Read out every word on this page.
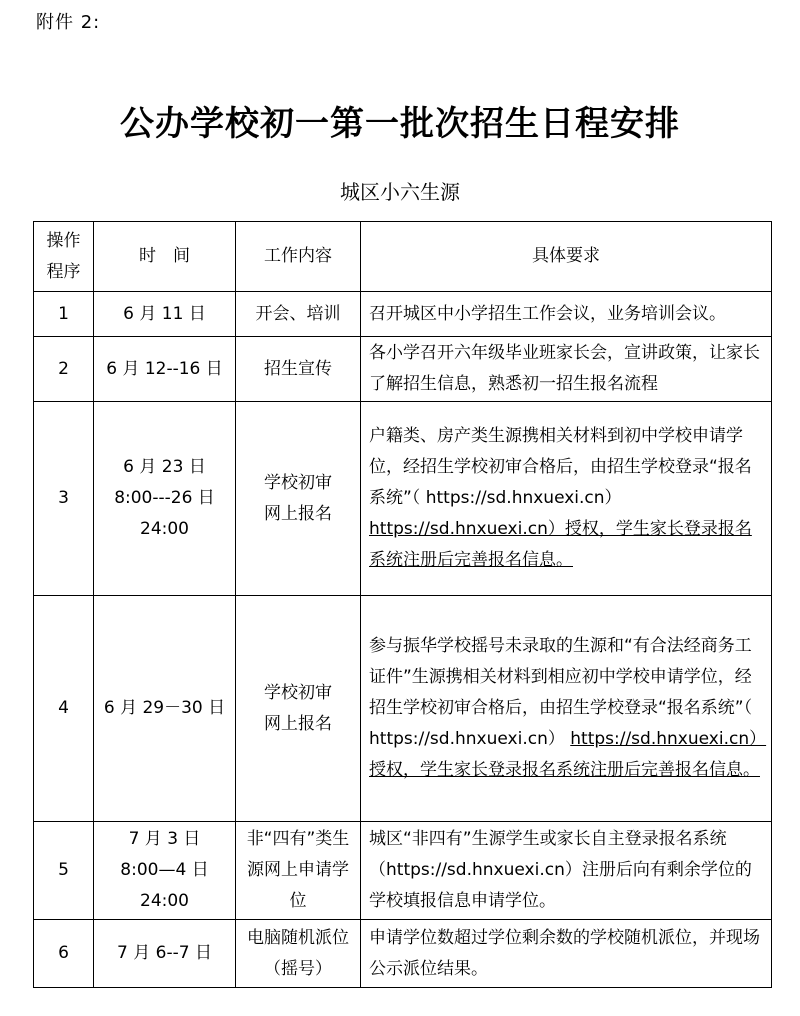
附件 2:
公办学校初一第一批次招生日程安排
城区小六生源
操作程序	时　间	工作内容	具体要求
1	6 月 11 日	开会、培训	召开城区中小学招生工作会议，业务培训会议。
2	6 月 12--16 日	招生宣传	各小学召开六年级毕业班家长会，宣讲政策，让家长了解招生信息，熟悉初一招生报名流程
3	6 月 23 日 8:00---26 日 24:00	学校初审网上报名	户籍类、房产类生源携相关材料到初中学校申请学位，经招生学校初审合格后，由招生学校登录“报名系统”（ https://sd.hnxuexi.cn） https://sd.hnxuexi.cn）授权，学生家长登录报名系统注册后完善报名信息。
4	6 月 29－30 日	学校初审网上报名	参与振华学校摇号未录取的生源和“有合法经商务工证件”生源携相关材料到相应初中学校申请学位，经招生学校初审合格后，由招生学校登录“报名系统”（ https://sd.hnxuexi.cn） https://sd.hnxuexi.cn）授权，学生家长登录报名系统注册后完善报名信息。
5	7 月 3 日 8:00—4 日 24:00	非“四有”类生源网上申请学位	城区“非四有”生源学生或家长自主登录报名系统（https://sd.hnxuexi.cn）注册后向有剩余学位的学校填报信息申请学位。
6	7 月 6--7 日	电脑随机派位（摇号）	申请学位数超过学位剩余数的学校随机派位，并现场公示派位结果。
